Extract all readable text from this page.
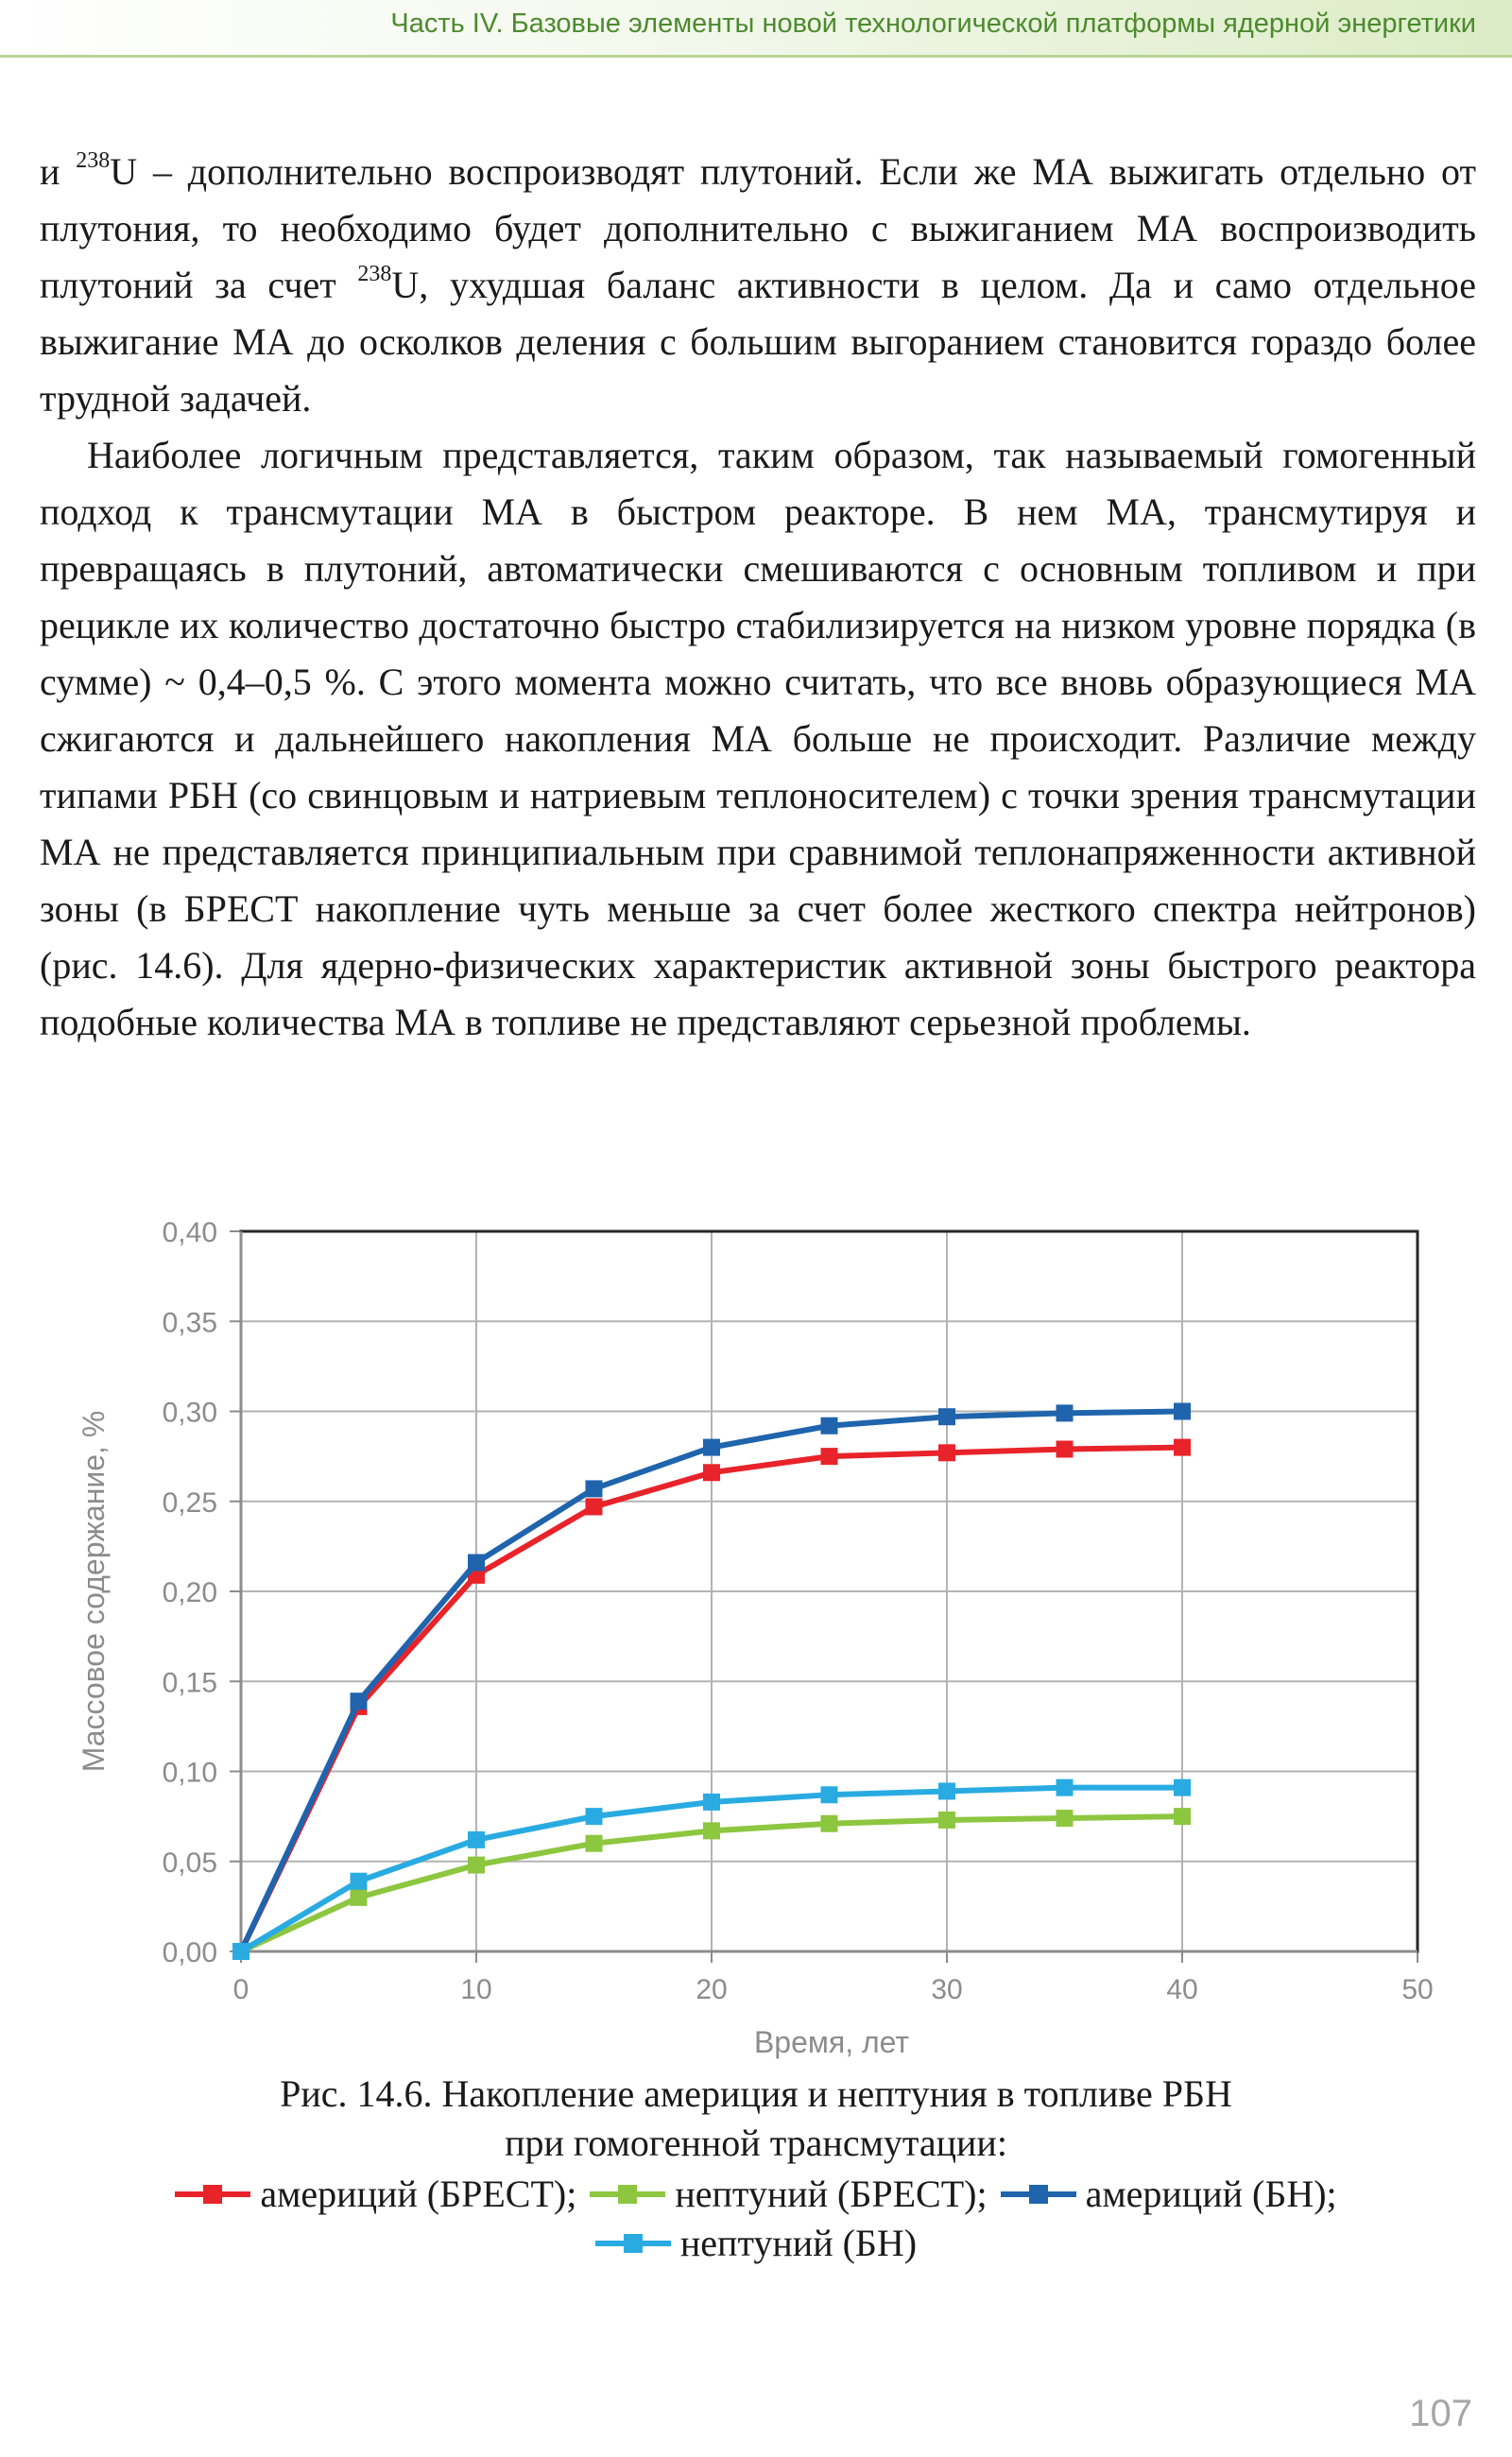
Часть IV. Базовые элементы новой технологической платформы ядерной энергетики

и $^{238}$U – дополнительно воспроизводят плутоний. Если же МА выжигать отдельно от плутония, то необходимо будет дополнительно с выжиганием МА воспроизводить плутоний за счет $^{238}$U, ухудшая баланс активности в целом. Да и само отдельное выжигание МА до осколков деления с большим выгоранием становится гораздо более трудной задачей.

Наиболее логичным представляется, таким образом, так называемый гомогенный подход к трансмутации МА в быстром реакторе. В нем МА, трансмутируя и превращаясь в плутоний, автоматически смешиваются с основным топливом и при рецикле их количество достаточно быстро стабилизируется на низком уровне порядка (в сумме) ~ 0,4–0,5 %. С этого момента можно считать, что все вновь образующиеся МА сжигаются и дальнейшего накопления МА больше не происходит. Различие между типами РБН (со свинцовым и натриевым теплоносителем) с точки зрения трансмутации МА не представляется принципиальным при сравнимой теплонапряженности активной зоны (в БРЕСТ накопление чуть меньше за счет более жесткого спектра нейтронов) (рис. 14.6). Для ядерно-физических характеристик активной зоны быстрого реактора подобные количества МА в топливе не представляют серьезной проблемы.

0,00
0,05
0,10
0,15
0,20
0,25
0,30
0,35
0,40
0	10	20	30	40	50
Время, лет
Массовое содержание, %
Рис. 14.6. Накопление америция и нептуния в топливе РБН
при гомогенной трансмутации:
америций (БРЕСТ);	нептуний (БРЕСТ);	америций (БН);
нептуний (БН)
107
